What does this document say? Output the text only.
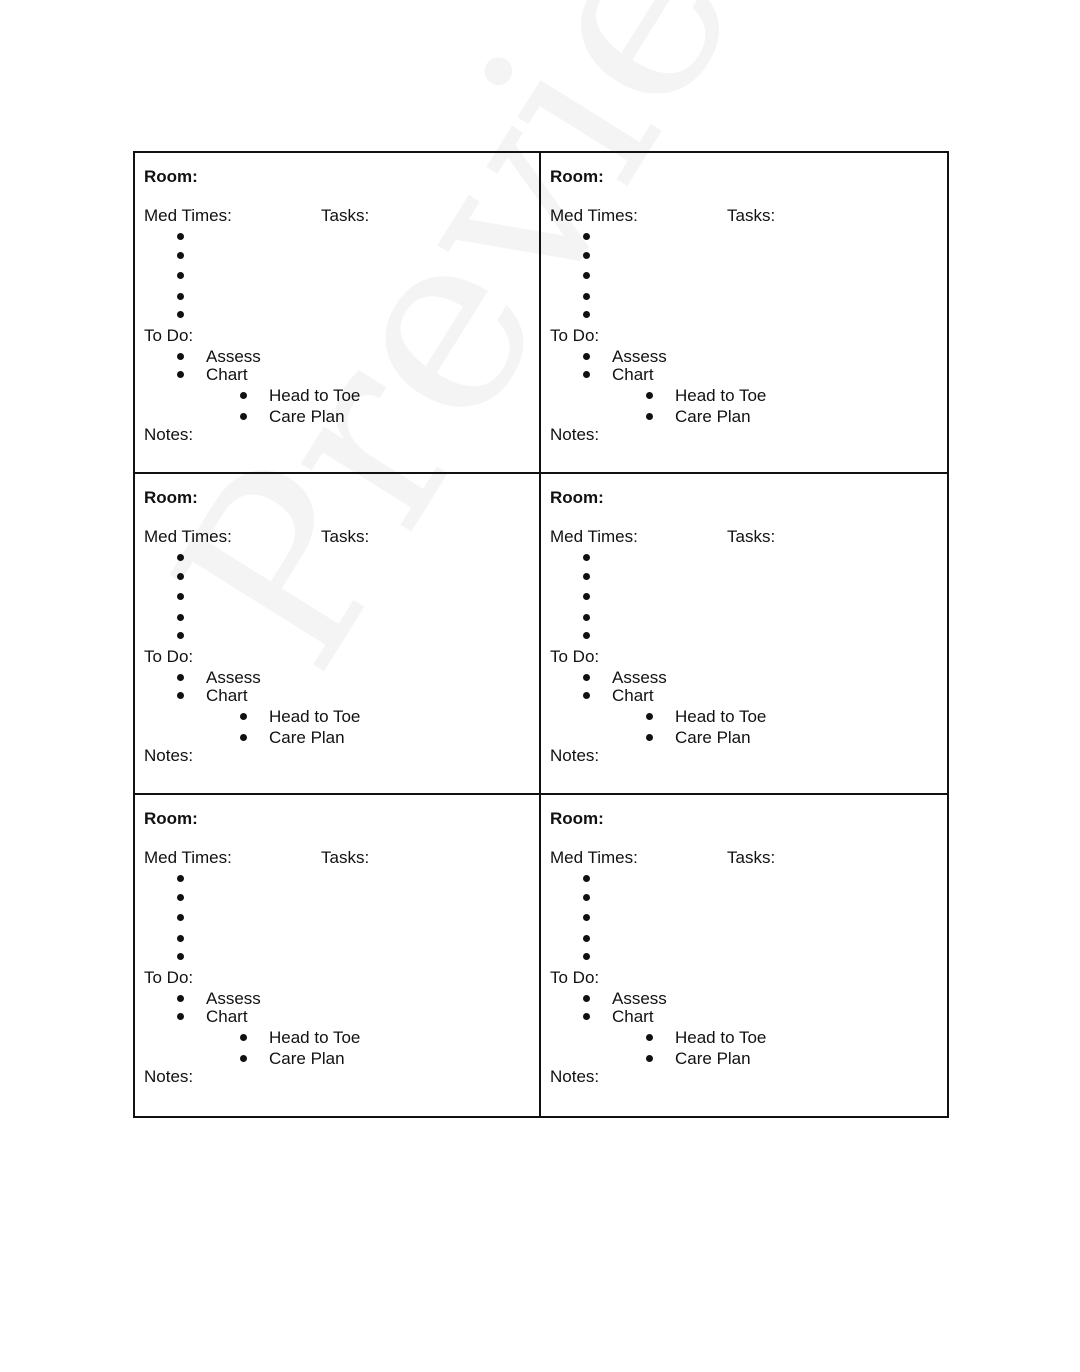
Room:
Med Times:	Tasks:
To Do:
Assess
Chart
Head to Toe
Care Plan
Notes:
Room:
Med Times:	Tasks:
To Do:
Assess
Chart
Head to Toe
Care Plan
Notes:
Room:
Med Times:	Tasks:
To Do:
Assess
Chart
Head to Toe
Care Plan
Notes:
Room:
Med Times:	Tasks:
To Do:
Assess
Chart
Head to Toe
Care Plan
Notes:
Room:
Med Times:	Tasks:
To Do:
Assess
Chart
Head to Toe
Care Plan
Notes:
Room:
Med Times:	Tasks:
To Do:
Assess
Chart
Head to Toe
Care Plan
Notes:
